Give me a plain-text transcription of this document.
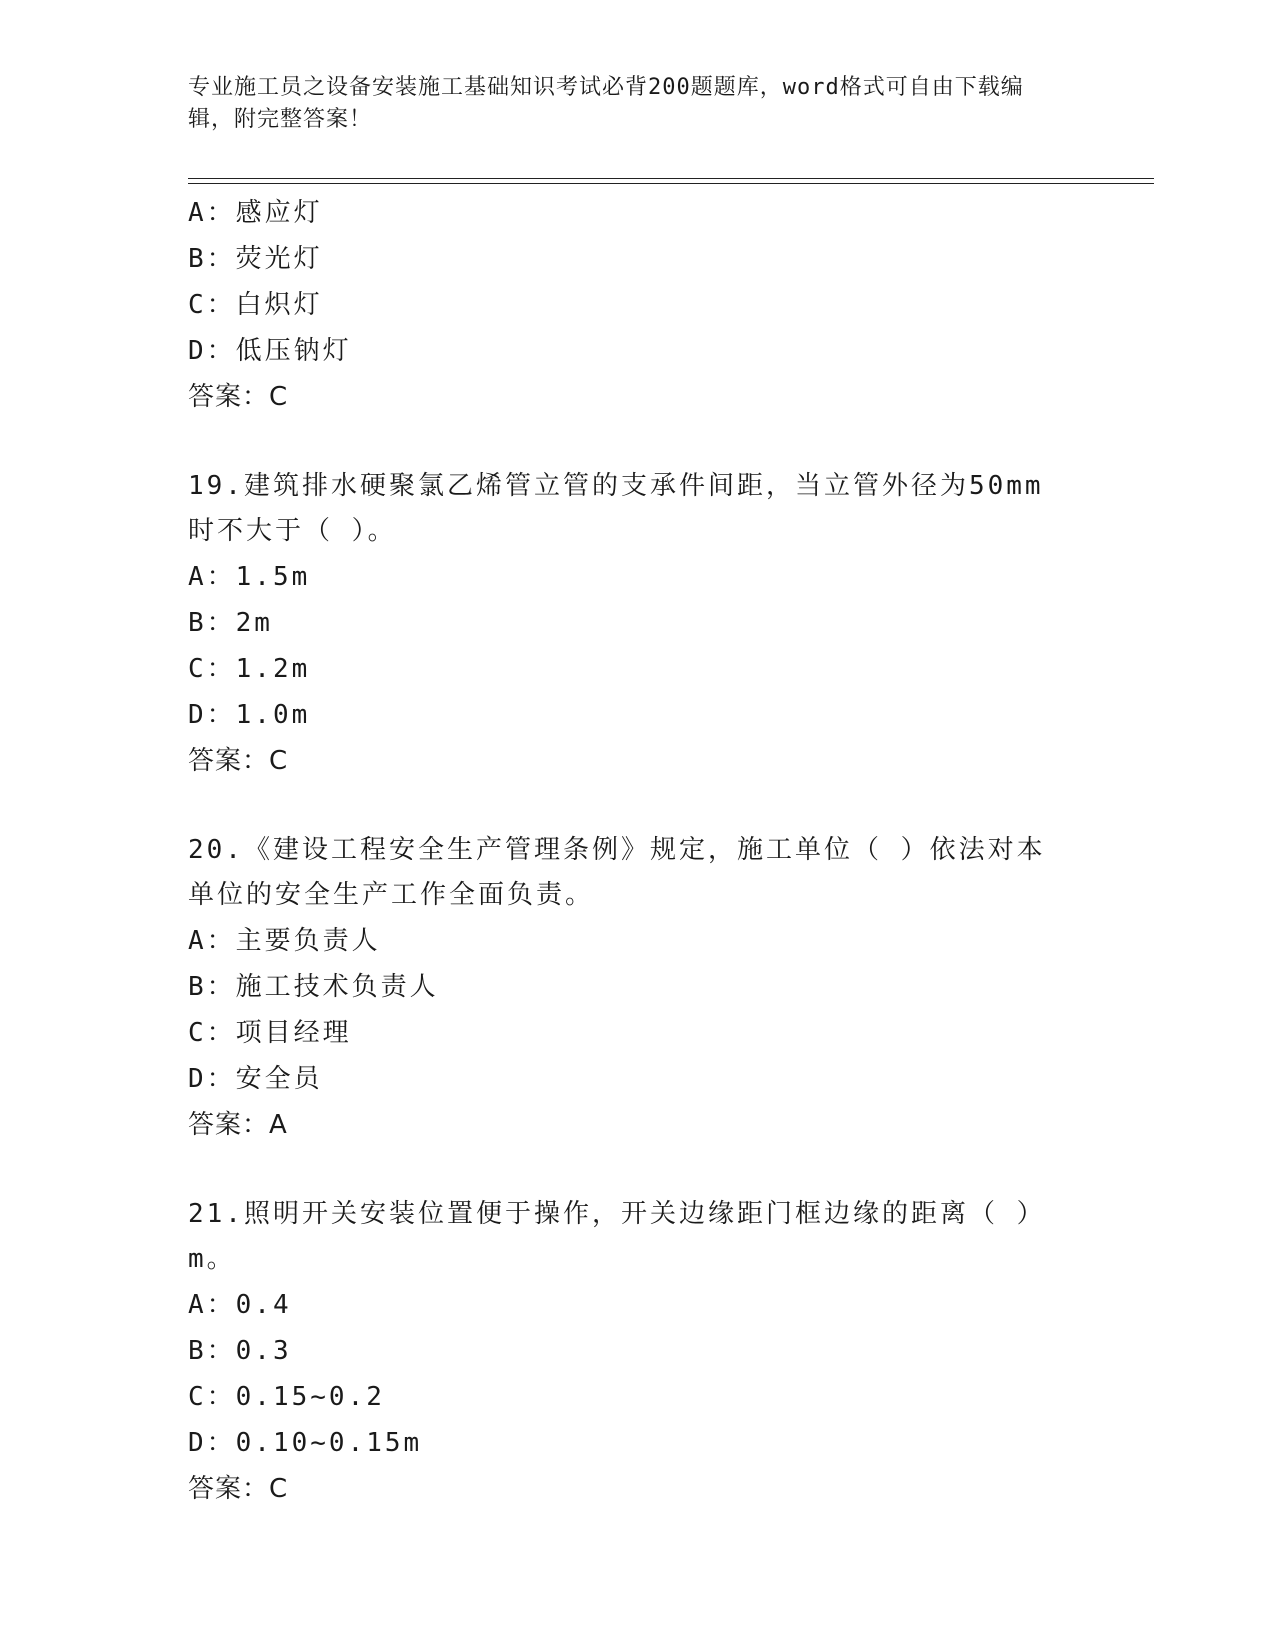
专业施工员之设备安装施工基础知识考试必背200题题库，word格式可自由下载编辑，附完整答案！
A：感应灯
B：荧光灯
C：白炽灯
D：低压钠灯
答案：C
19.建筑排水硬聚氯乙烯管立管的支承件间距，当立管外径为50mm时不大于（ ）。
A：1.5m
B：2m
C：1.2m
D：1.0m
答案：C
20.《建设工程安全生产管理条例》规定，施工单位（ ）依法对本单位的安全生产工作全面负责。
A：主要负责人
B：施工技术负责人
C：项目经理
D：安全员
答案：A
21.照明开关安装位置便于操作，开关边缘距门框边缘的距离（ ）m。
A：0.4
B：0.3
C：0.15~0.2
D：0.10~0.15m
答案：C
